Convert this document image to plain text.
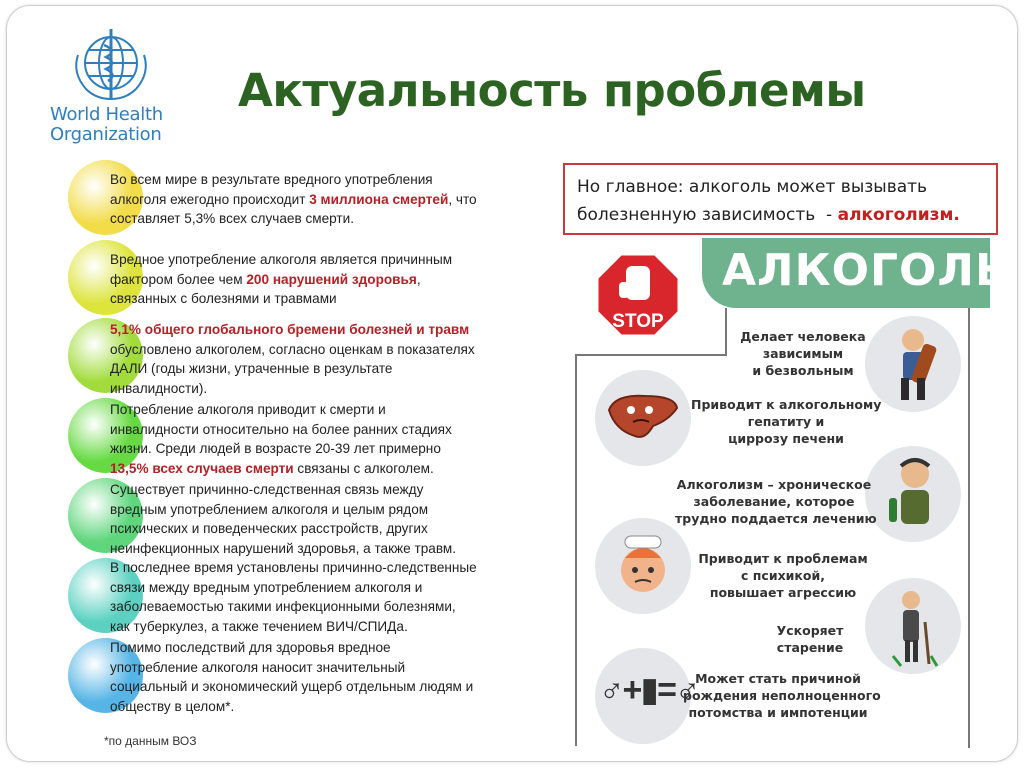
World Health
Organization
Актуальность проблемы
Во всем мире в результате вредного употребления
алкоголя ежегодно происходит 3 миллиона смертей, что
составляет 5,3% всех случаев смерти.
Вредное употребление алкоголя является причинным
фактором более чем 200 нарушений здоровья,
связанных с болезнями и травмами
5,1% общего глобального бремени болезней и травм
обусловлено алкоголем, согласно оценкам в показателях
ДАЛИ (годы жизни, утраченные в результате
инвалидности).
Потребление алкоголя приводит к смерти и
инвалидности относительно на более ранних стадиях
жизни. Среди людей в возрасте 20-39 лет примерно
13,5% всех случаев смерти связаны с алкоголем.
Существует причинно-следственная связь между
вредным употреблением алкоголя и целым рядом
психических и поведенческих расстройств, других
неинфекционных нарушений здоровья, а также травм.
В последнее время установлены причинно-следственные
связи между вредным употреблением алкоголя и
заболеваемостью такими инфекционными болезнями,
как туберкулез, а также течением ВИЧ/СПИДа.
Помимо последствий для здоровья вредное
употребление алкоголя наносит значительный
социальный и экономический ущерб отдельным людям и
обществу в целом*.
*по данным ВОЗ
Но главное: алкоголь может вызывать
болезненную зависимость  - алкоголизм.
АЛКОГОЛЬ
STOP
♂+▮=♂
Делает человека
зависимым
и безвольным
Приводит к алкогольному
гепатиту и
циррозу печени
Алкоголизм – хроническое
заболевание, которое
трудно поддается лечению
Приводит к проблемам
с психикой,
повышает агрессию
Ускоряет
старение
Может стать причиной
рождения неполноценного
потомства и импотенции
